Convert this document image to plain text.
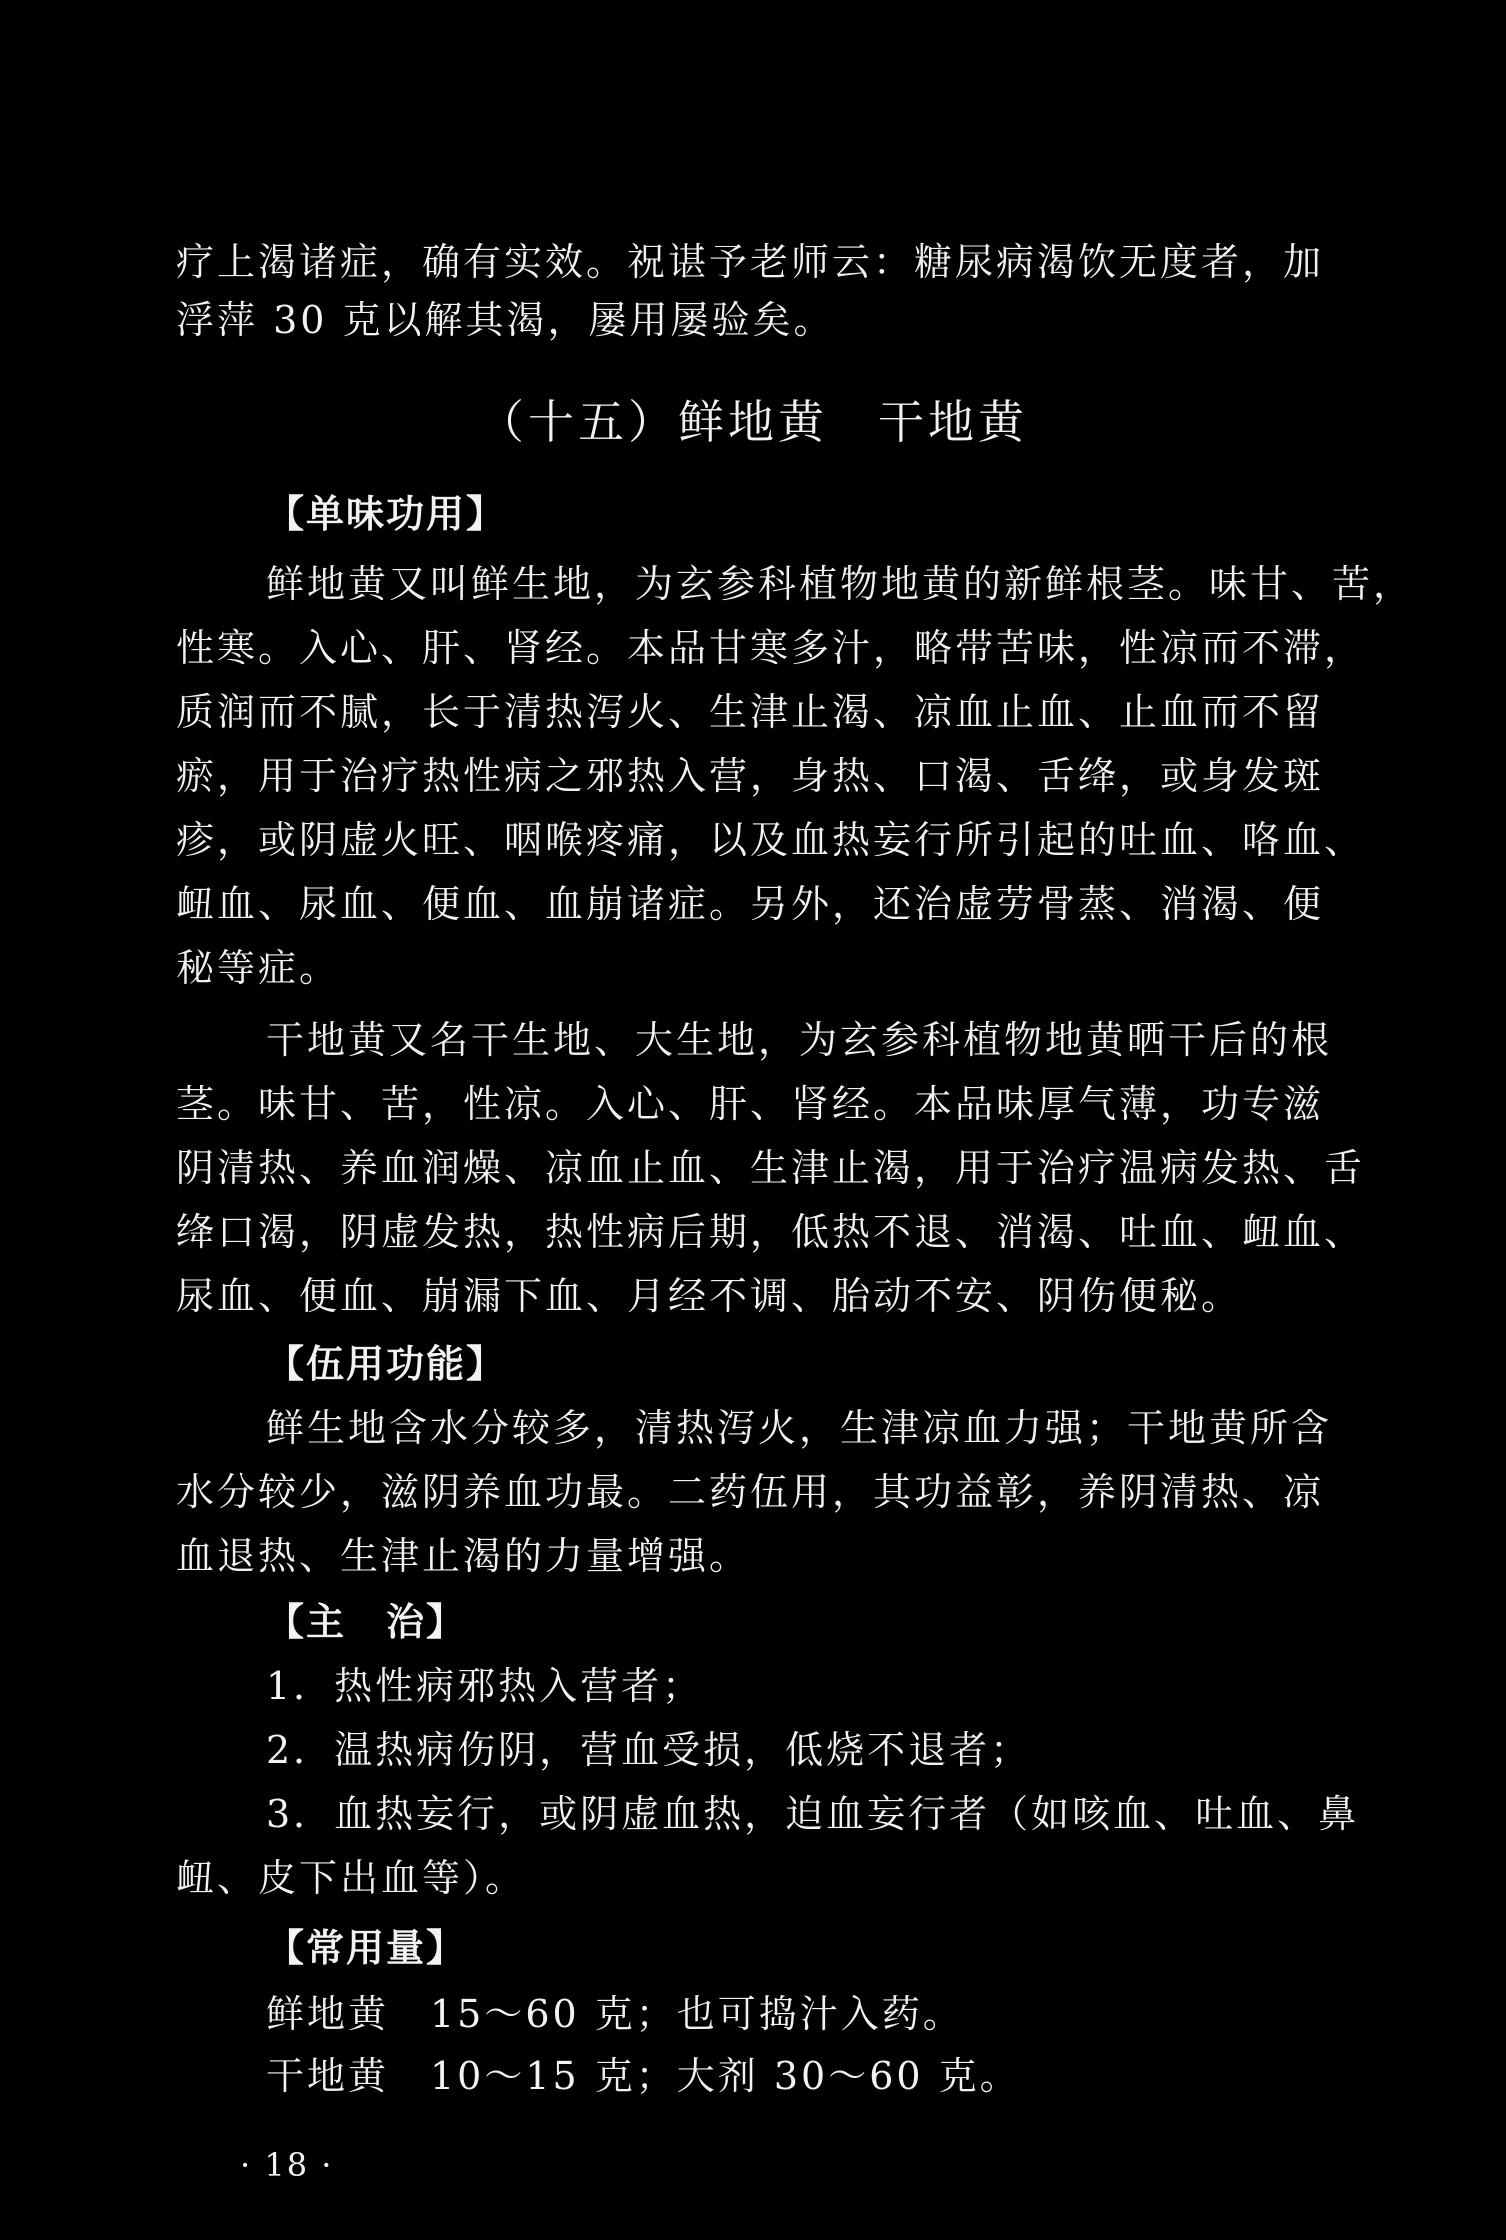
疗上渴诸症，确有实效。祝谌予老师云：糖尿病渴饮无度者，加
浮萍 30 克以解其渴，屡用屡验矣。
（十五）鲜地黄　干地黄
【单味功用】
鲜地黄又叫鲜生地，为玄参科植物地黄的新鲜根茎。味甘、苦，
性寒。入心、肝、肾经。本品甘寒多汁，略带苦味，性凉而不滞，
质润而不腻，长于清热泻火、生津止渴、凉血止血、止血而不留
瘀，用于治疗热性病之邪热入营，身热、口渴、舌绛，或身发斑
疹，或阴虚火旺、咽喉疼痛，以及血热妄行所引起的吐血、咯血、
衄血、尿血、便血、血崩诸症。另外，还治虚劳骨蒸、消渴、便
秘等症。
干地黄又名干生地、大生地，为玄参科植物地黄晒干后的根
茎。味甘、苦，性凉。入心、肝、肾经。本品味厚气薄，功专滋
阴清热、养血润燥、凉血止血、生津止渴，用于治疗温病发热、舌
绛口渴，阴虚发热，热性病后期，低热不退、消渴、吐血、衄血、
尿血、便血、崩漏下血、月经不调、胎动不安、阴伤便秘。
【伍用功能】
鲜生地含水分较多，清热泻火，生津凉血力强；干地黄所含
水分较少，滋阴养血功最。二药伍用，其功益彰，养阴清热、凉
血退热、生津止渴的力量增强。
【主　治】
1．热性病邪热入营者；
2．温热病伤阴，营血受损，低烧不退者；
3．血热妄行，或阴虚血热，迫血妄行者（如咳血、吐血、鼻
衄、皮下出血等）。
【常用量】
鲜地黄　15～60 克；也可捣汁入药。
干地黄　10～15 克；大剂 30～60 克。
· 18 ·
